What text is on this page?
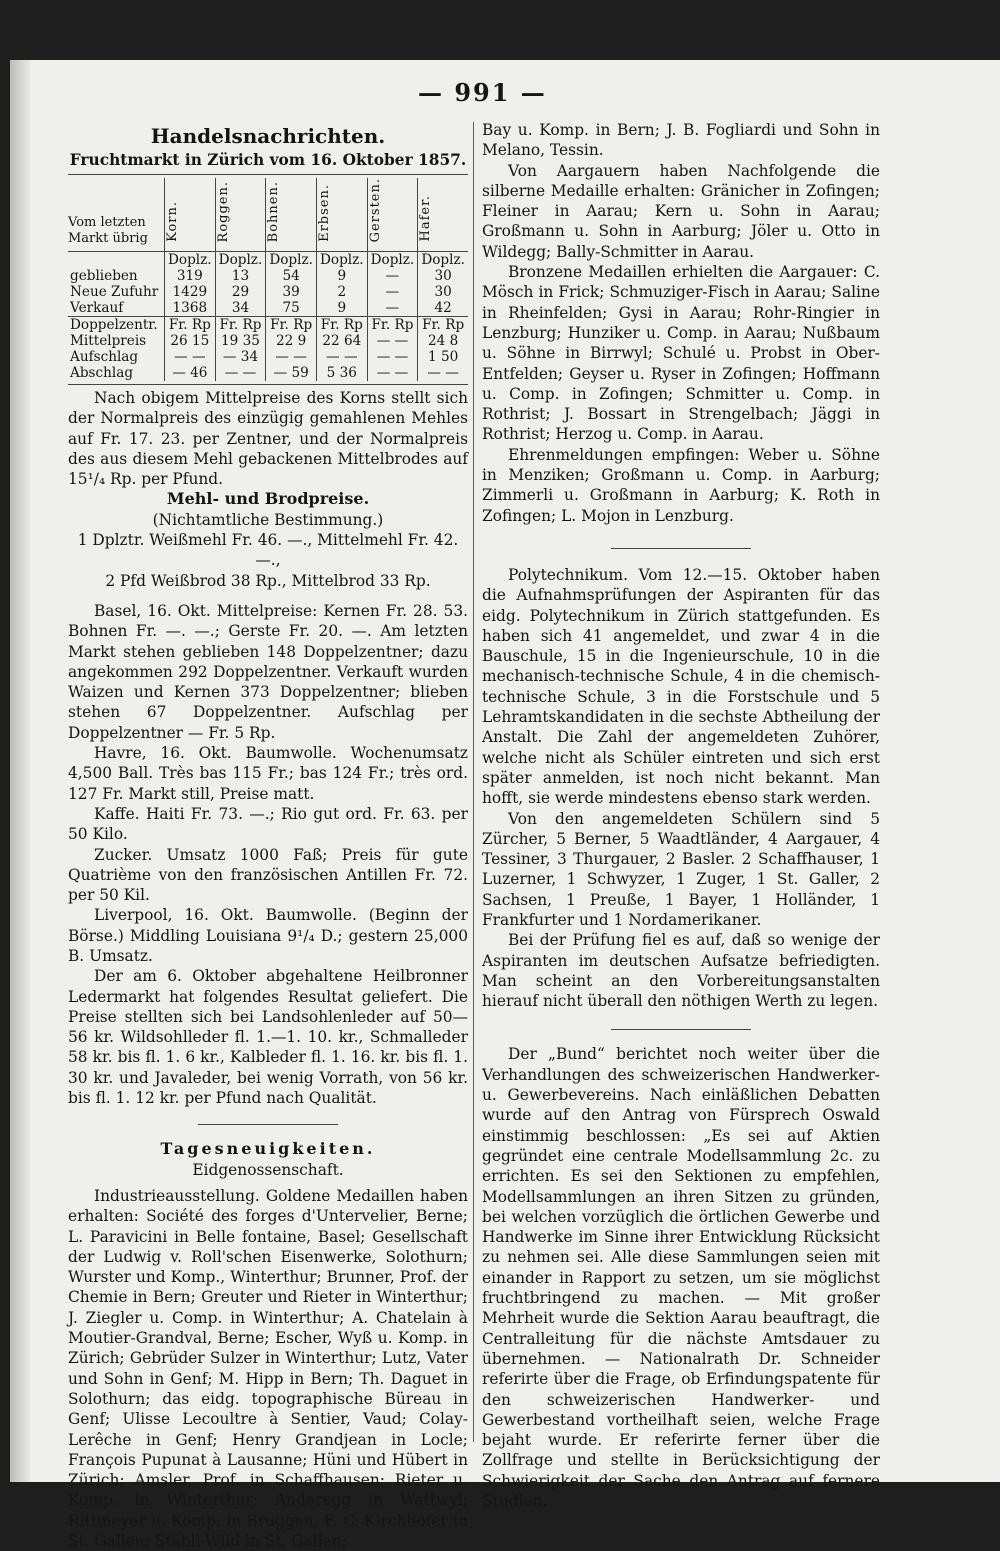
— 991 —
Handelsnachrichten.

Fruchtmarkt in Zürich vom 16. Oktober 1857.

Vom letzten
Markt übrig	Korn.	Roggen.	Bohnen.	Erbsen.	Gersten.	Hafer.
	Doplz.	Doplz.	Doplz.	Doplz.	Doplz.	Doplz.
geblieben	319	13	54	9	—	30
Neue Zufuhr	1429	29	39	2	—	30
Verkauf	1368	34	75	9	—	42
Doppelzentr.	Fr. Rp	Fr. Rp	Fr. Rp	Fr. Rp	Fr. Rp	Fr. Rp
Mittelpreis	26 15	19 35	22 9	22 64	— —	24 8
Aufschlag	— —	— 34	— —	— —	— —	1 50
Abschlag	— 46	— —	— 59	5 36	— —	— —

Nach obigem Mittelpreise des Korns stellt sich der Normalpreis des einzügig gemahlenen Mehles auf Fr. 17. 23. per Zentner, und der Normalpreis des aus diesem Mehl gebackenen Mittelbrodes auf 15¹/₄ Rp. per Pfund.

Mehl- und Brodpreise.

(Nichtamtliche Bestimmung.)

1 Dplztr. Weißmehl Fr. 46. —., Mittelmehl Fr. 42. —.,

2 Pfd Weißbrod 38 Rp., Mittelbrod 33 Rp.

Basel, 16. Okt. Mittelpreise: Kernen Fr. 28. 53. Bohnen Fr. —. —.; Gerste Fr. 20. —. Am letzten Markt stehen geblieben 148 Doppelzentner; dazu angekommen 292 Doppelzentner. Verkauft wurden Waizen und Kernen 373 Doppelzentner; blieben stehen 67 Doppelzentner. Aufschlag per Doppelzentner — Fr. 5 Rp.

Havre, 16. Okt. Baumwolle. Wochenumsatz 4,500 Ball. Très bas 115 Fr.; bas 124 Fr.; très ord. 127 Fr. Markt still, Preise matt.

Kaffe. Haiti Fr. 73. —.; Rio gut ord. Fr. 63. per 50 Kilo.

Zucker. Umsatz 1000 Faß; Preis für gute Quatrième von den französischen Antillen Fr. 72. per 50 Kil.

Liverpool, 16. Okt. Baumwolle. (Beginn der Börse.) Middling Louisiana 9¹/₄ D.; gestern 25,000 B. Umsatz.

Der am 6. Oktober abgehaltene Heilbronner Ledermarkt hat folgendes Resultat geliefert. Die Preise stellten sich bei Landsohlenleder auf 50—56 kr. Wildsohlleder fl. 1.—1. 10. kr., Schmalleder 58 kr. bis fl. 1. 6 kr., Kalbleder fl. 1. 16. kr. bis fl. 1. 30 kr. und Javaleder, bei wenig Vorrath, von 56 kr. bis fl. 1. 12 kr. per Pfund nach Qualität.

Tagesneuigkeiten.

Eidgenossenschaft.

Industrieausstellung. Goldene Medaillen haben erhalten: Société des forges d'Untervelier, Berne; L. Paravicini in Belle fontaine, Basel; Gesellschaft der Ludwig v. Roll'schen Eisenwerke, Solothurn; Wurster und Komp., Winterthur; Brunner, Prof. der Chemie in Bern; Greuter und Rieter in Winterthur; J. Ziegler u. Comp. in Winterthur; A. Chatelain à Moutier-Grandval, Berne; Escher, Wyß u. Komp. in Zürich; Gebrüder Sulzer in Winterthur; Lutz, Vater und Sohn in Genf; M. Hipp in Bern; Th. Daguet in Solothurn; das eidg. topographische Büreau in Genf; Ulisse Lecoultre à Sentier, Vaud; Colay-Lerêche in Genf; Henry Grandjean in Locle; François Pupunat à Lausanne; Hüni und Hübert in Zürich; Amsler, Prof. in Schaffhausen; Rieter u. Komp. in Winterthur; Anderegg in Wattwyl; Rittmeyer u. Komp. in Bruggen; F. C. Kirchhofer in St. Gallen; Stähli-Wild in St. Gallen;

Bay u. Komp. in Bern; J. B. Fogliardi und Sohn in Melano, Tessin.

Von Aargauern haben Nachfolgende die silberne Medaille erhalten: Gränicher in Zofingen; Fleiner in Aarau; Kern u. Sohn in Aarau; Großmann u. Sohn in Aarburg; Jöler u. Otto in Wildegg; Bally-Schmitter in Aarau.

Bronzene Medaillen erhielten die Aargauer: C. Mösch in Frick; Schmuziger-Fisch in Aarau; Saline in Rheinfelden; Gysi in Aarau; Rohr-Ringier in Lenzburg; Hunziker u. Comp. in Aarau; Nußbaum u. Söhne in Birrwyl; Schulé u. Probst in Ober-Entfelden; Geyser u. Ryser in Zofingen; Hoffmann u. Comp. in Zofingen; Schmitter u. Comp. in Rothrist; J. Bossart in Strengelbach; Jäggi in Rothrist; Herzog u. Comp. in Aarau.

Ehrenmeldungen empfingen: Weber u. Söhne in Menziken; Großmann u. Comp. in Aarburg; Zimmerli u. Großmann in Aarburg; K. Roth in Zofingen; L. Mojon in Lenzburg.

Polytechnikum. Vom 12.—15. Oktober haben die Aufnahmsprüfungen der Aspiranten für das eidg. Polytechnikum in Zürich stattgefunden. Es haben sich 41 angemeldet, und zwar 4 in die Bauschule, 15 in die Ingenieurschule, 10 in die mechanisch-technische Schule, 4 in die chemisch-technische Schule, 3 in die Forstschule und 5 Lehramtskandidaten in die sechste Abtheilung der Anstalt. Die Zahl der angemeldeten Zuhörer, welche nicht als Schüler eintreten und sich erst später anmelden, ist noch nicht bekannt. Man hofft, sie werde mindestens ebenso stark werden.

Von den angemeldeten Schülern sind 5 Zürcher, 5 Berner, 5 Waadtländer, 4 Aargauer, 4 Tessiner, 3 Thurgauer, 2 Basler. 2 Schaffhauser, 1 Luzerner, 1 Schwyzer, 1 Zuger, 1 St. Galler, 2 Sachsen, 1 Preuße, 1 Bayer, 1 Holländer, 1 Frankfurter und 1 Nordamerikaner.

Bei der Prüfung fiel es auf, daß so wenige der Aspiranten im deutschen Aufsatze befriedigten. Man scheint an den Vorbereitungsanstalten hierauf nicht überall den nöthigen Werth zu legen.

Der „Bund“ berichtet noch weiter über die Verhandlungen des schweizerischen Handwerker- u. Gewerbevereins. Nach einläßlichen Debatten wurde auf den Antrag von Fürsprech Oswald einstimmig beschlossen: „Es sei auf Aktien gegründet eine centrale Modellsammlung 2c. zu errichten. Es sei den Sektionen zu empfehlen, Modellsammlungen an ihren Sitzen zu gründen, bei welchen vorzüglich die örtlichen Gewerbe und Handwerke im Sinne ihrer Entwicklung Rücksicht zu nehmen sei. Alle diese Sammlungen seien mit einander in Rapport zu setzen, um sie möglichst fruchtbringend zu machen. — Mit großer Mehrheit wurde die Sektion Aarau beauftragt, die Centralleitung für die nächste Amtsdauer zu übernehmen. — Nationalrath Dr. Schneider referirte über die Frage, ob Erfindungspatente für den schweizerischen Handwerker- und Gewerbestand vortheilhaft seien, welche Frage bejaht wurde. Er referirte ferner über die Zollfrage und stellte in Berücksichtigung der Schwierigkeit der Sache den Antrag auf fernere Studien.
